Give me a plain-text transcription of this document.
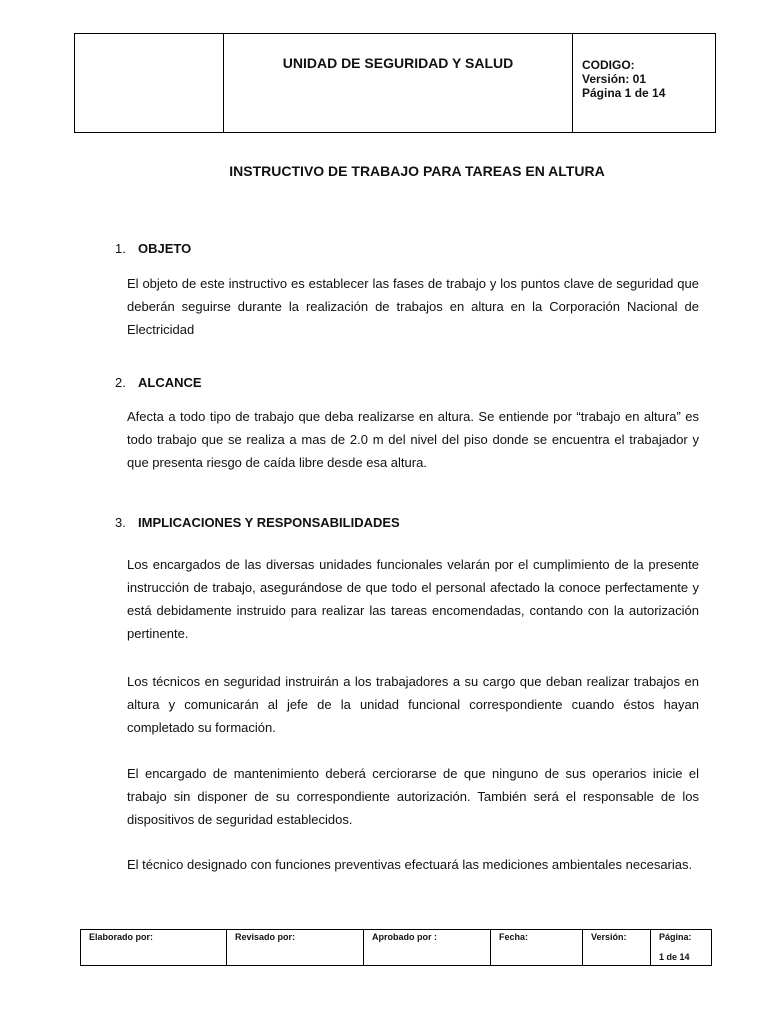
UNIDAD DE SEGURIDAD Y SALUD	CODIGO:
Versión: 01
Página 1 de 14
INSTRUCTIVO DE TRABAJO PARA TAREAS EN ALTURA
1. OBJETO
El objeto de este instructivo es establecer las fases de trabajo y los puntos clave de seguridad que deberán seguirse durante la realización de trabajos en altura en la Corporación Nacional de Electricidad
2. ALCANCE
Afecta a todo tipo de trabajo que deba realizarse en altura. Se entiende por “trabajo en altura” es todo trabajo que se realiza a mas de 2.0 m del nivel del piso donde se encuentra el trabajador y que presenta riesgo de caída libre desde esa altura.
3. IMPLICACIONES Y RESPONSABILIDADES
Los encargados de las diversas unidades funcionales velarán por el cumplimiento de la presente instrucción de trabajo, asegurándose de que todo el personal afectado la conoce perfectamente y está debidamente instruido para realizar las tareas encomendadas, contando con la autorización pertinente.
Los técnicos en seguridad instruirán a los trabajadores a su cargo que deban realizar trabajos en altura y comunicarán al jefe de la unidad funcional correspondiente cuando éstos hayan completado su formación.
El encargado de mantenimiento deberá cerciorarse de que ninguno de sus operarios inicie el trabajo sin disponer de su correspondiente autorización. También será el responsable de los dispositivos de seguridad establecidos.
El técnico designado con funciones preventivas efectuará las mediciones ambientales necesarias.
Elaborado por:	Revisado por:	Aprobado por :	Fecha:	Versión:	Página:
1 de 14
